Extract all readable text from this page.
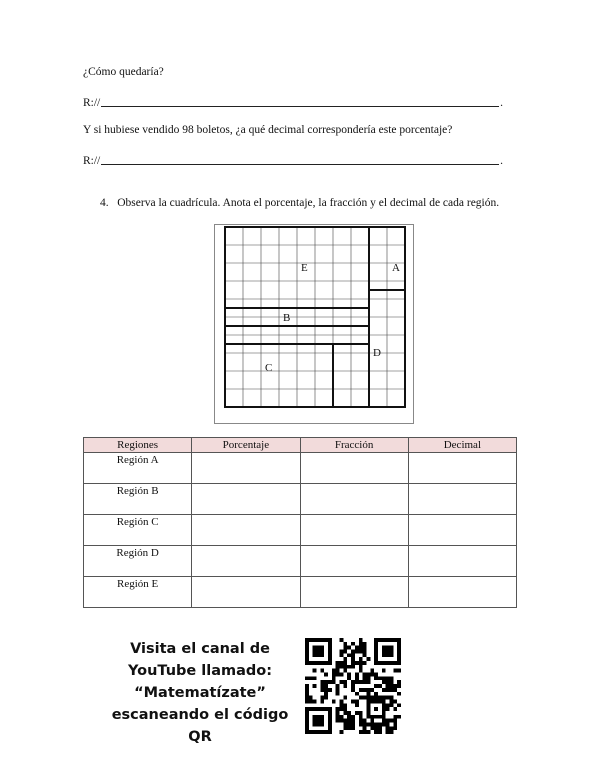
¿Cómo quedaría?
R://	.
Y si hubiese vendido 98 boletos, ¿a qué decimal correspondería este porcentaje?
R://	.
4. Observa la cuadrícula. Anota el porcentaje, la fracción y el decimal de cada región.
E	A
B
D
C
Regiones	Porcentaje	Fracción	Decimal
Región A			
Región B			
Región C			
Región D			
Región E			
Visita el canal de
YouTube llamado:
“Matematízate”
escaneando el código QR
